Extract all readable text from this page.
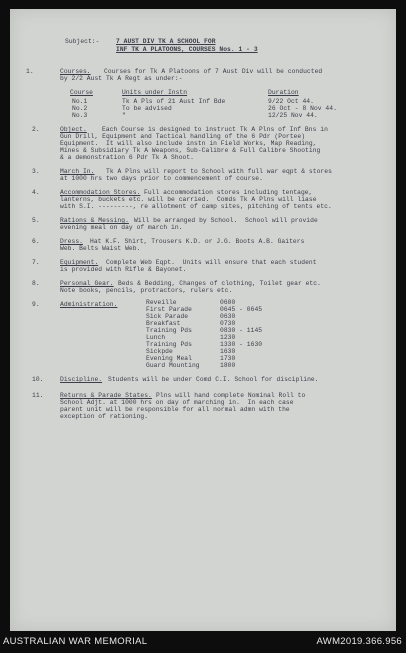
Subject:-	7 AUST DIV TK A SCHOOL FOR
INF TK A PLATOONS, COURSES Nos. 1 - 3
1.	Courses. Courses for Tk A Platoons of 7 Aust Div will be conducted
by 2/2 Aust Tk A Regt as under:-
Course	Units under Instn	Duration
No.1	Tk A Pls of 21 Aust Inf Bde	9/22 Oct 44.
No.2	To be advised	26 Oct - 8 Nov 44.
No.3	"	12/25 Nov 44.
2.	Object. Each Course is designed to instruct Tk A Plns of Inf Bns in
Gun Drill, Equipment and Tactical handling of the 6 Pdr (Portee)
Equipment.  It will also include instn in Field Works, Map Reading,
Mines & Subsidiary Tk A Weapons, Sub-Calibre & Full Calibre Shooting
& a demonstration 6 Pdr Tk A Shoot.
3.	March In. Tk A Plns will report to School with full war eqpt & stores
at 1000 hrs two days prior to commencement of course.
4.	Accommodation Stores. Full accommodation stores including tentage,
lanterns, buckets etc. will be carried.  Comds Tk A Plns will liase
with S.I. ---------, re allotment of camp sites, pitching of tents etc.
5.	Rations & Messing. Will be arranged by School.  School will provide
evening meal on day of march in.
6.	Dress. Hat K.F. Shirt, Trousers K.D. or J.G. Boots A.B. Gaiters
Web. Belts Waist Web.
7.	Equipment. Complete Web Eqpt.  Units will ensure that each student
is provided with Rifle & Bayonet.
8.	Personal Gear. Beds & Bedding, Changes of clothing, Toilet gear etc.
Note books, pencils, protractors, rulers etc.
9.	Administration.	Reveille	0600
First Parade	0645 - 0645
Sick Parade	0630
Breakfast	0730
Training Pds	0830 - 1145
Lunch	1230
Training Pds	1330 - 1630
Sickpde	1630
Evening Meal	1730
Guard Mounting	1800
10.	Discipline. Students will be under Comd C.I. School for discipline.
11.	Returns & Parade States. Plns will hand complete Nominal Roll to
School Adjt. at 1000 hrs on day of marching in.  In each case
parent unit will be responsible for all normal admn with the
exception of rationing.
AUSTRALIAN WAR MEMORIAL	AWM2019.366.956
